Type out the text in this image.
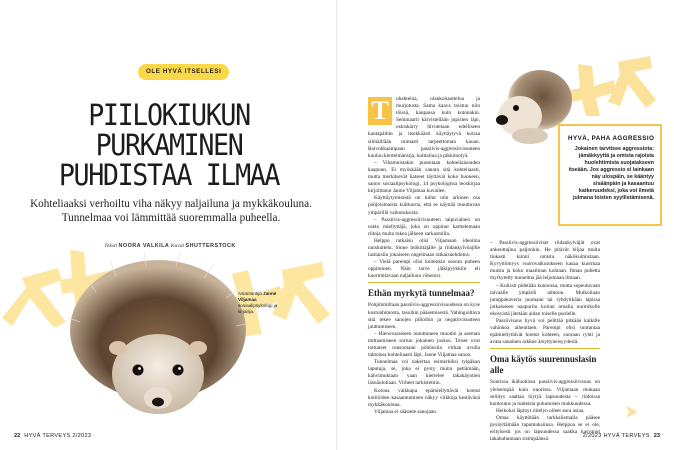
OLE HYVÄ ITSELLESI
PIILOKIUKUN
PURKAMINEN
PUHDISTAA ILMAA
Kohteliaaksi verhoiltu viha näkyy naljailuna ja mykkäkouluna. Tunnelmaa voi lämmittää suoremmalla puheella.
Teksti NOORA VALKILA Kuvat SHUTTERSTOCK
Asiantuntija Janne Viljamaa sosiaalipsykologi ja kirjailija.
22 HYVÄ TERVEYS 2/2023
HYVÄ, PAHA AGGRESSIO
Jokainen tarvitsee aggressiota: jämäkkyyttä ja omista rajoista huolehtimista suojatakseen itseään. Jos aggressio ei lainkaan näy ulospäin, se kääntyy sisäänpäin ja kasaantuu katkeruudeksi, joka voi ilmetä julmana toisten syyllistämisenä.
T	uhahtelua, olankohauttelua ja murjotusta. Sama kaava toistuu niin töissä, kaupassa kuin kotonakin. Seminaarit kärvistellään jupisten läpi, ostoskärry hivutetaan edelliseen kantapäihin ja itsekkäästi käyttäytyvä koiraa silmäillään tuimasti tarpeettoman kauan. Raivokkaampaan passiivis-aggressiivisuuteen kuuluu kiertelmänsija, kuittailua ja pikkimolyä.

– Vihamuistakin puututaan kohteliaisuuden kaapuun. Ei myöskään sanota sitä kohteliaasti, mutta merkitsevät katseet täyttävät koko huoneen, sanoo sosiaalipsykologi, 14 psykologista teoskirjaa kirjoittanut Janne Viljamaa kuvailee.

Käyttäytymisestä on tullut niin arkinen osa pohjoismaista kulttuuria, että se näyttää muuttuvan ympärillä vaikutuksista.

– Passiivis-aggressiivisuuteen taipuvainen on usein miellyttäjä, joka on oppinut karttelemaan riitoja muita tukea jälkeen sarkasmilla.

Helppo ratkaisu olisi Viljamaan ideoima nuiskuttelu. Sinne mökittäjälle ja riidankylvöajille lasitaisiin jokaiseen ongelmaan ratkaisuehdotus.

– Vielä parempi olisi kuitenkin suoran puheen oppiminen. Näin tarve jälkipyykkiin eli kuormittavaan naljailuun vähenisi.

Ethän myrkytä tunnelmaa?

Pohjimmiltaan passiivis-aggressiivisuudessa on kyse kostonhimosta, tasoihin pääsemisestä. Vahingoiltava sitä tekee sanojen pilloihin ja negatiivisuuteen juuttumiseen.

– Hienovaraiseen muuttuneen muodin ja aseman mittaamiseen sortuu jokainen joskus. Toiset ovat tottuneet runsomaan pöhönsiin virhan avulla tahtoissa kohteliaasti läpi, Janne Viljamaa sanoo.

Tunnelmaa voi nakertaa esimerkiksi tylpäkan laputuja, se, joka ei pysty muita pettämään, kahvimukiaan vaan kiertelee takakäyntien läsnäolollaan. Virheet tarkistettiin.

Kotona vaikkapa epämiellyttävät koetut kotitöiden kasaantuminen näkyy viikkoja kestävänä mykkäkouluna.

Viljamaa ei säästele sanojaan.

– Passiivis-aggressiiviset riidankylväjät ovat ankeuttajina paljonkin. He pitävät hiljaa muita tiukasti kiinni omista näkökulmistaan. Kyvyttömyys vuorovaikutukseen kasaa kuormaa muista ja koko maailman kohtaan. Ilman puhetta myrkytetty tunnelma jää leijumaan ilmaan.

– Kulissit pidetään kunnossa, mutta sopeutuvaan taivaalle ympäröi tahtoon. Mutkoilaan jumppakaveria juomaan tai ryhdyitkään lapissa jotkaisseen naapuriin koiran omalla nurmikolle ekosyistä jätetään aidan toiselle puolelle.

Passiivisuus hyvä voi pelittää pitkään kalkille vahinkoa aiheuttaen. Parempi olisi tuntuntaa epämiellyttävät koetut kohteen, suoraan ryhti ja avata sanainen arkkue ärsyttyneisyydestä.

Oma käytös suurennuslasin alle

Suurissa ikäluokissa passiivis-aggressiivisuus on yleisempää kuin nuorissa. Viljamaan mukaan seliitys saattaa löytyä lapsuudesta – riidoissa kuntoutus ja tunteista puhumisen mukkuudessa.

Heikoksi läpinyt riitelyn olleet aura asiaa.

Omaa käyttötään tarkkailemalla pääsee pysäyttämään tapumuksiinsa. Helppoa se ei ole, erityisesti jos on lapsuudessa saakka kasvanut takahuhumaan sisimpäänsä.

2/2023 HYVÄ TERVEYS 23
